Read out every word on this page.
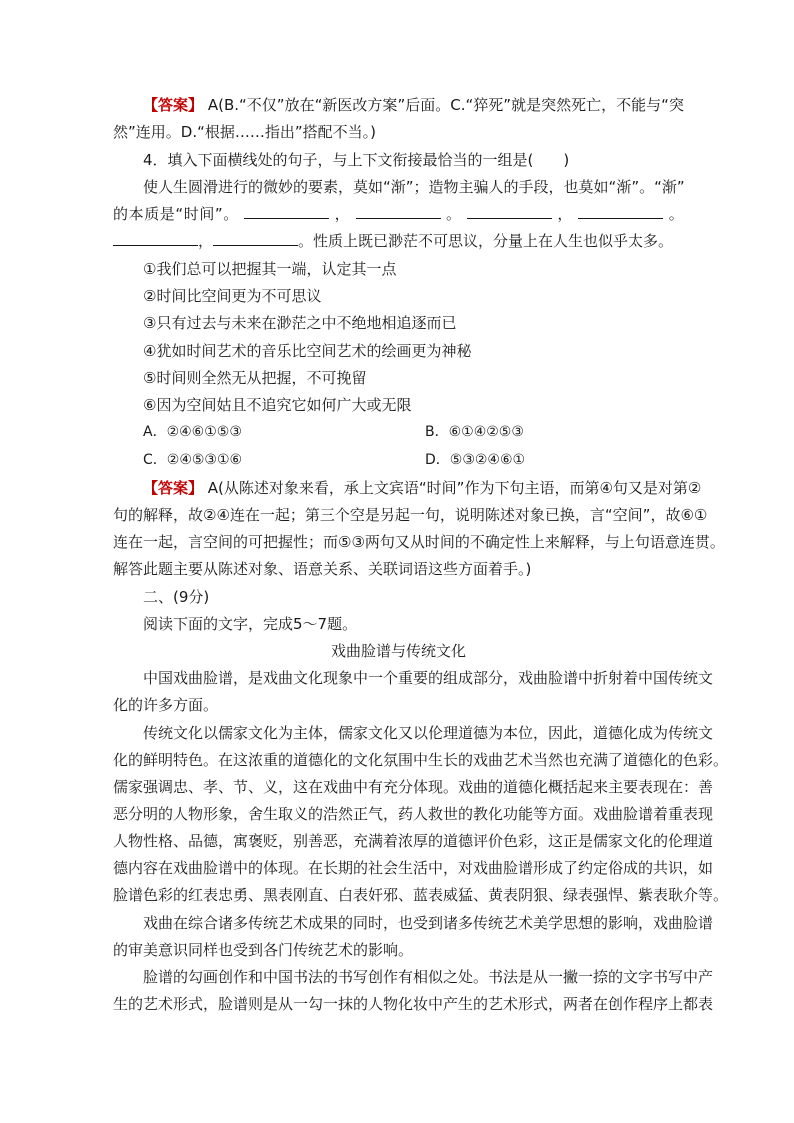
【答案】 A(B.“不仅”放在“新医改方案”后面。C.“猝死”就是突然死亡，不能与“突
然”连用。D.“根据……指出”搭配不当。)
4．填入下面横线处的句子，与上下文衔接最恰当的一组是(　　)
使人生圆滑进行的微妙的要素，莫如“渐”；造物主骗人的手段，也莫如“渐”。“渐”
的本质是“时间”。	，	。	，	。
，	。性质上既已渺茫不可思议，分量上在人生也似乎太多。
①我们总可以把握其一端，认定其一点
②时间比空间更为不可思议
③只有过去与未来在渺茫之中不绝地相追逐而已
④犹如时间艺术的音乐比空间艺术的绘画更为神秘
⑤时间则全然无从把握，不可挽留
⑥因为空间姑且不追究它如何广大或无限
A．②④⑥①⑤③	B．⑥①④②⑤③
C．②④⑤③①⑥	D．⑤③②④⑥①
【答案】 A(从陈述对象来看，承上文宾语“时间”作为下句主语，而第④句又是对第②
句的解释，故②④连在一起；第三个空是另起一句，说明陈述对象已换，言“空间”，故⑥①
连在一起，言空间的可把握性；而⑤③两句又从时间的不确定性上来解释，与上句语意连贯。
解答此题主要从陈述对象、语意关系、关联词语这些方面着手。)
二、(9分)
阅读下面的文字，完成5～7题。
戏曲脸谱与传统文化
中国戏曲脸谱，是戏曲文化现象中一个重要的组成部分，戏曲脸谱中折射着中国传统文
化的许多方面。
传统文化以儒家文化为主体，儒家文化又以伦理道德为本位，因此，道德化成为传统文
化的鲜明特色。在这浓重的道德化的文化氛围中生长的戏曲艺术当然也充满了道德化的色彩。
儒家强调忠、孝、节、义，这在戏曲中有充分体现。戏曲的道德化概括起来主要表现在：善
恶分明的人物形象，舍生取义的浩然正气，药人救世的教化功能等方面。戏曲脸谱着重表现
人物性格、品德，寓褒贬，别善恶，充满着浓厚的道德评价色彩，这正是儒家文化的伦理道
德内容在戏曲脸谱中的体现。在长期的社会生活中，对戏曲脸谱形成了约定俗成的共识，如
脸谱色彩的红表忠勇、黑表刚直、白表奸邪、蓝表威猛、黄表阴狠、绿表强悍、紫表耿介等。
戏曲在综合诸多传统艺术成果的同时，也受到诸多传统艺术美学思想的影响，戏曲脸谱
的审美意识同样也受到各门传统艺术的影响。
脸谱的勾画创作和中国书法的书写创作有相似之处。书法是从一撇一捺的文字书写中产
生的艺术形式，脸谱则是从一勾一抹的人物化妆中产生的艺术形式，两者在创作程序上都表
